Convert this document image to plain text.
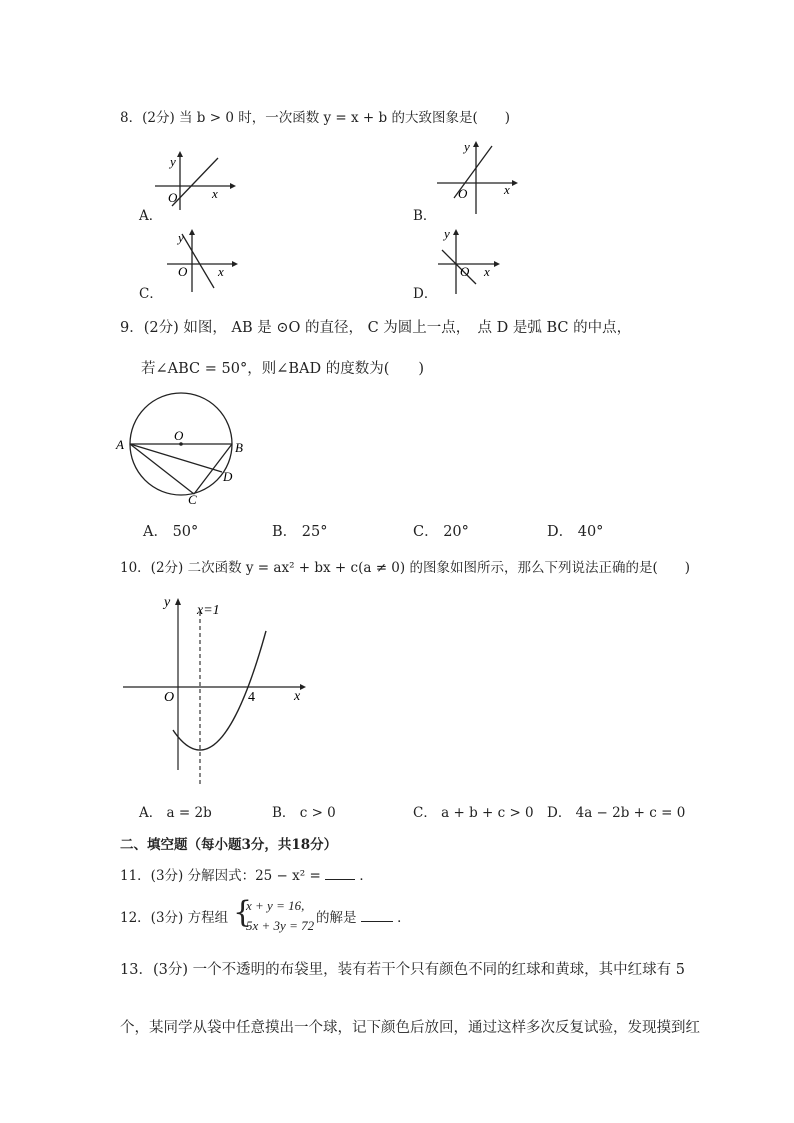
8．(2分) 当 b > 0 时，一次函数 y = x + b 的大致图象是(　　)
A．
y
x
O
B．
y
x
O
C．
y
x
O
D．
y
x
O
9．(2分) 如图， AB 是 ⊙O 的直径， C 为圆上一点，　点 D 是弧 BC 的中点，
若∠ABC = 50°，则∠BAD 的度数为(　　)
A	B
O
D
C
A． 50°	B． 25°	C． 20°	D． 40°
10．(2分) 二次函数 y = ax² + bx + c(a ≠ 0) 的图象如图所示，那么下列说法正确的是(　　)
y
x
O
x=1
4
A． a = 2b	B． c > 0	C． a + b + c > 0 D． 4a − 2b + c = 0
二、填空题（每小题3分，共18分）
11．(3分) 分解因式：25 − x² =	．
12．(3分) 方程组 {
x + y = 16,
5x + 3y = 72 的解是	．
13．(3分) 一个不透明的布袋里，装有若干个只有颜色不同的红球和黄球，其中红球有 5
个，某同学从袋中任意摸出一个球，记下颜色后放回，通过这样多次反复试验，发现摸到红
